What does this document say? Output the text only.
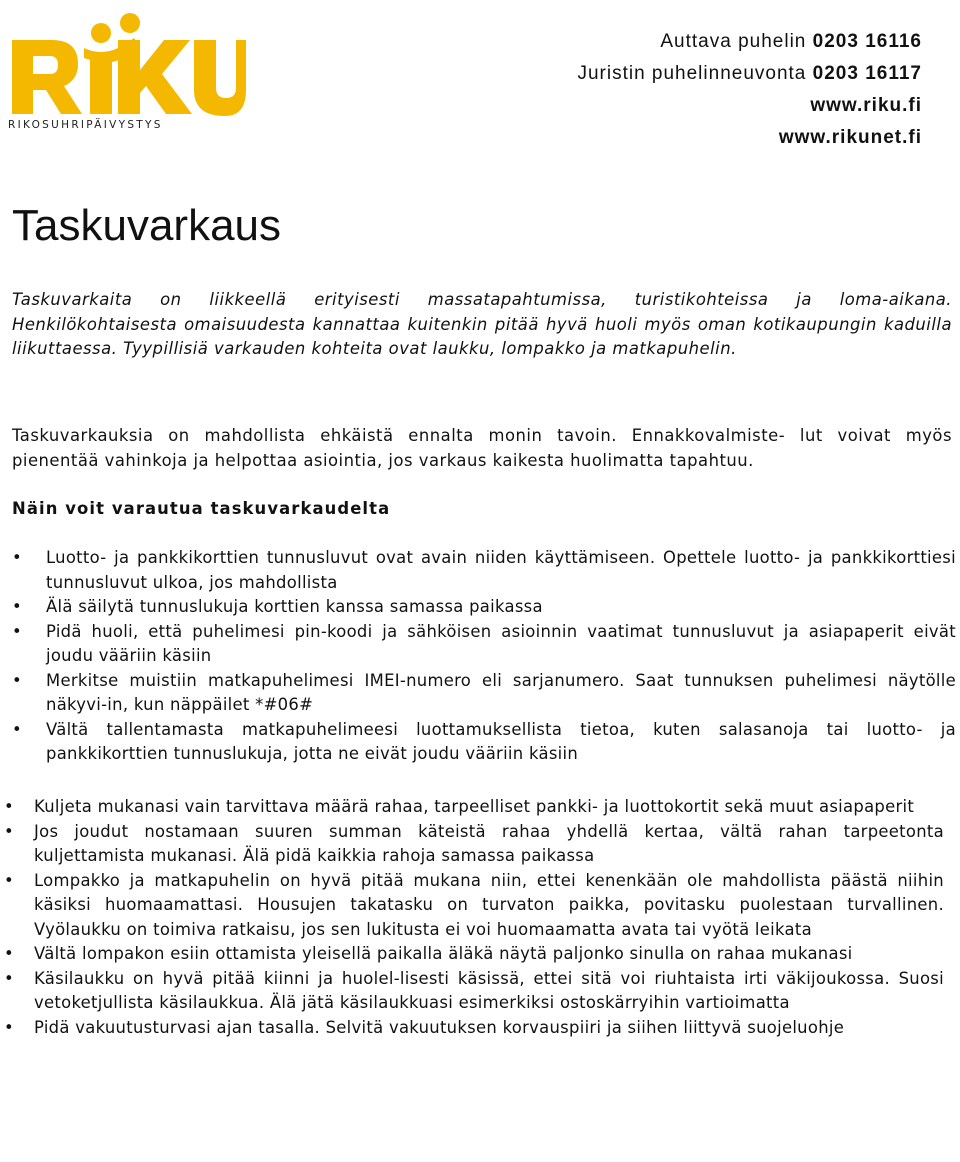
RIKOSUHRIPÄIVYSTYS
Auttava puhelin 0203 16116
Juristin puhelinneuvonta 0203 16117
www.riku.fi
www.rikunet.fi
Taskuvarkaus

Taskuvarkaita on liikkeellä erityisesti massatapahtumissa, turistikohteissa ja loma-aikana. Henkilökohtaisesta omaisuudesta kannattaa kuitenkin pitää hyvä huoli myös oman kotikaupungin kaduilla liikuttaessa. Tyypillisiä varkauden kohteita ovat laukku, lompakko ja matkapuhelin.

Taskuvarkauksia on mahdollista ehkäistä ennalta monin tavoin. Ennakkovalmiste- lut voivat myös pienentää vahinkoja ja helpottaa asiointia, jos varkaus kaikesta huolimatta tapahtuu.

Näin voit varautua taskuvarkaudelta
• Luotto- ja pankkikorttien tunnusluvut ovat avain niiden käyttämiseen. Opettele luotto- ja pankkikorttiesi tunnusluvut ulkoa, jos mahdollista
• Älä säilytä tunnuslukuja korttien kanssa samassa paikassa
• Pidä huoli, että puhelimesi pin-koodi ja sähköisen asioinnin vaatimat tunnusluvut ja asiapaperit eivät joudu vääriin käsiin
• Merkitse muistiin matkapuhelimesi IMEI-numero eli sarjanumero. Saat tunnuksen puhelimesi näytölle näkyvi-in, kun näppäilet *#06#
• Vältä tallentamasta matkapuhelimeesi luottamuksellista tietoa, kuten salasanoja tai luotto- ja pankkikorttien tunnuslukuja, jotta ne eivät joudu vääriin käsiin
• Kuljeta mukanasi vain tarvittava määrä rahaa, tarpeelliset pankki- ja luottokortit sekä muut asiapaperit
• Jos joudut nostamaan suuren summan käteistä rahaa yhdellä kertaa, vältä rahan tarpeetonta kuljettamista mukanasi. Älä pidä kaikkia rahoja samassa paikassa
• Lompakko ja matkapuhelin on hyvä pitää mukana niin, ettei kenenkään ole mahdollista päästä niihin käsiksi huomaamattasi. Housujen takatasku on turvaton paikka, povitasku puolestaan turvallinen. Vyölaukku on toimiva ratkaisu, jos sen lukitusta ei voi huomaamatta avata tai vyötä leikata
• Vältä lompakon esiin ottamista yleisellä paikalla äläkä näytä paljonko sinulla on rahaa mukanasi
• Käsilaukku on hyvä pitää kiinni ja huolel-lisesti käsissä, ettei sitä voi riuhtaista irti väkijoukossa. Suosi vetoketjullista käsilaukkua. Älä jätä käsilaukkuasi esimerkiksi ostoskärryihin vartioimatta
• Pidä vakuutusturvasi ajan tasalla. Selvitä vakuutuksen korvauspiiri ja siihen liittyvä suojeluohje
